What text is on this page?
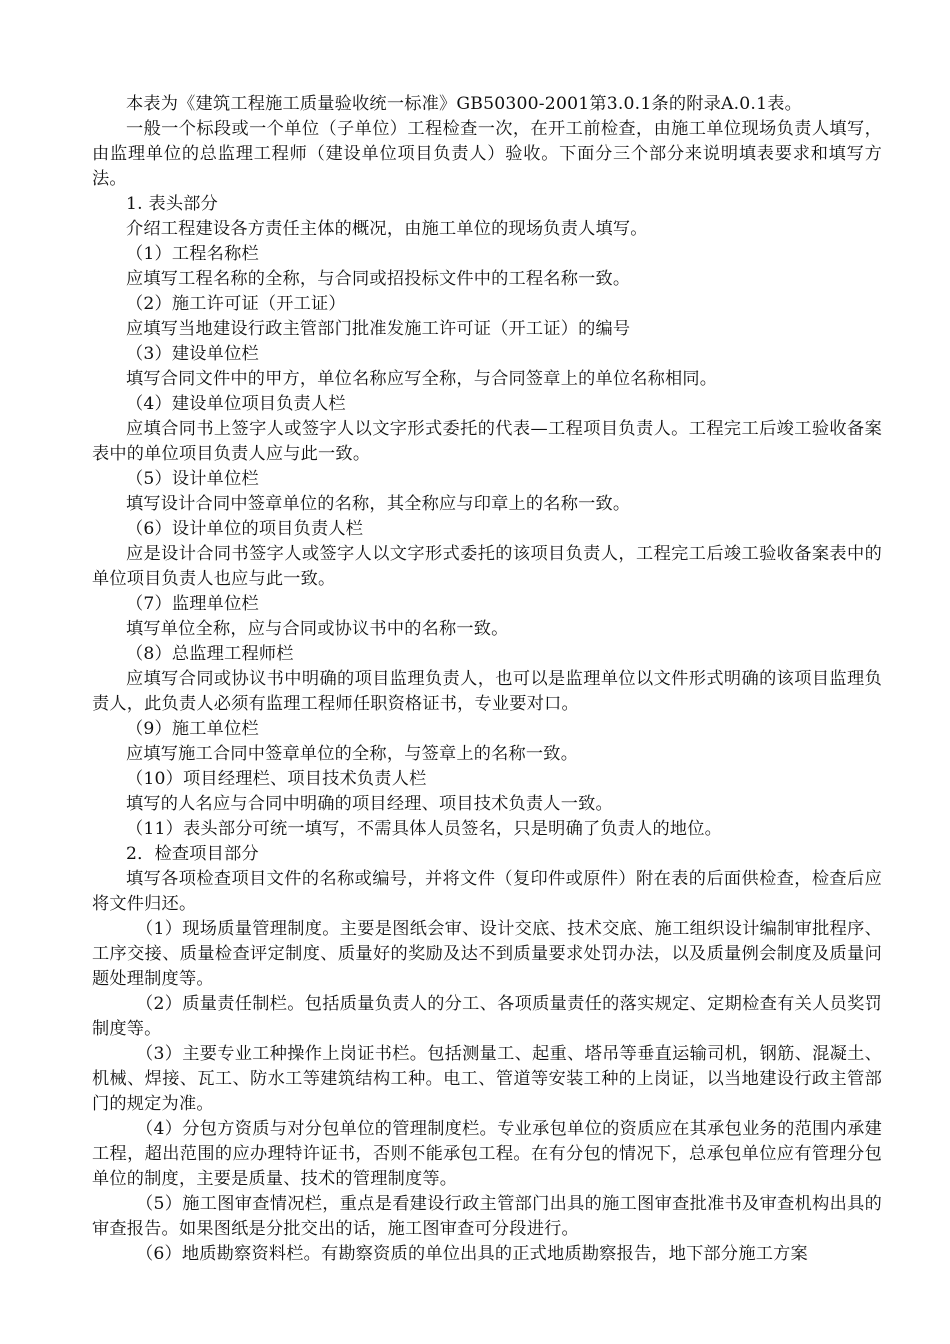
本表为《建筑工程施工质量验收统一标准》GB50300-2001第3.0.1条的附录A.0.1表。

一般一个标段或一个单位（子单位）工程检查一次，在开工前检查，由施工单位现场负责人填写，由监理单位的总监理工程师（建设单位项目负责人）验收。下面分三个部分来说明填表要求和填写方法。

1. 表头部分

介绍工程建设各方责任主体的概况，由施工单位的现场负责人填写。

（1）工程名称栏

应填写工程名称的全称，与合同或招投标文件中的工程名称一致。

（2）施工许可证（开工证）

应填写当地建设行政主管部门批准发施工许可证（开工证）的编号

（3）建设单位栏

填写合同文件中的甲方，单位名称应写全称，与合同签章上的单位名称相同。

（4）建设单位项目负责人栏

应填合同书上签字人或签字人以文字形式委托的代表—工程项目负责人。工程完工后竣工验收备案表中的单位项目负责人应与此一致。

（5）设计单位栏

填写设计合同中签章单位的名称，其全称应与印章上的名称一致。

（6）设计单位的项目负责人栏

应是设计合同书签字人或签字人以文字形式委托的该项目负责人，工程完工后竣工验收备案表中的单位项目负责人也应与此一致。

（7）监理单位栏

填写单位全称，应与合同或协议书中的名称一致。

（8）总监理工程师栏

应填写合同或协议书中明确的项目监理负责人，也可以是监理单位以文件形式明确的该项目监理负责人，此负责人必须有监理工程师任职资格证书，专业要对口。

（9）施工单位栏

应填写施工合同中签章单位的全称，与签章上的名称一致。

（10）项目经理栏、项目技术负责人栏

填写的人名应与合同中明确的项目经理、项目技术负责人一致。

（11）表头部分可统一填写，不需具体人员签名，只是明确了负责人的地位。

2．检查项目部分

填写各项检查项目文件的名称或编号，并将文件（复印件或原件）附在表的后面供检查，检查后应将文件归还。

（1）现场质量管理制度。主要是图纸会审、设计交底、技术交底、施工组织设计编制审批程序、工序交接、质量检查评定制度、质量好的奖励及达不到质量要求处罚办法，以及质量例会制度及质量问题处理制度等。

（2）质量责任制栏。包括质量负责人的分工、各项质量责任的落实规定、定期检查有关人员奖罚制度等。

（3）主要专业工种操作上岗证书栏。包括测量工、起重、塔吊等垂直运输司机，钢筋、混凝土、机械、焊接、瓦工、防水工等建筑结构工种。电工、管道等安装工种的上岗证，以当地建设行政主管部门的规定为准。

（4）分包方资质与对分包单位的管理制度栏。专业承包单位的资质应在其承包业务的范围内承建工程，超出范围的应办理特许证书，否则不能承包工程。在有分包的情况下，总承包单位应有管理分包单位的制度，主要是质量、技术的管理制度等。

（5）施工图审查情况栏，重点是看建设行政主管部门出具的施工图审查批准书及审查机构出具的审查报告。如果图纸是分批交出的话，施工图审查可分段进行。

（6）地质勘察资料栏。有勘察资质的单位出具的正式地质勘察报告，地下部分施工方案
